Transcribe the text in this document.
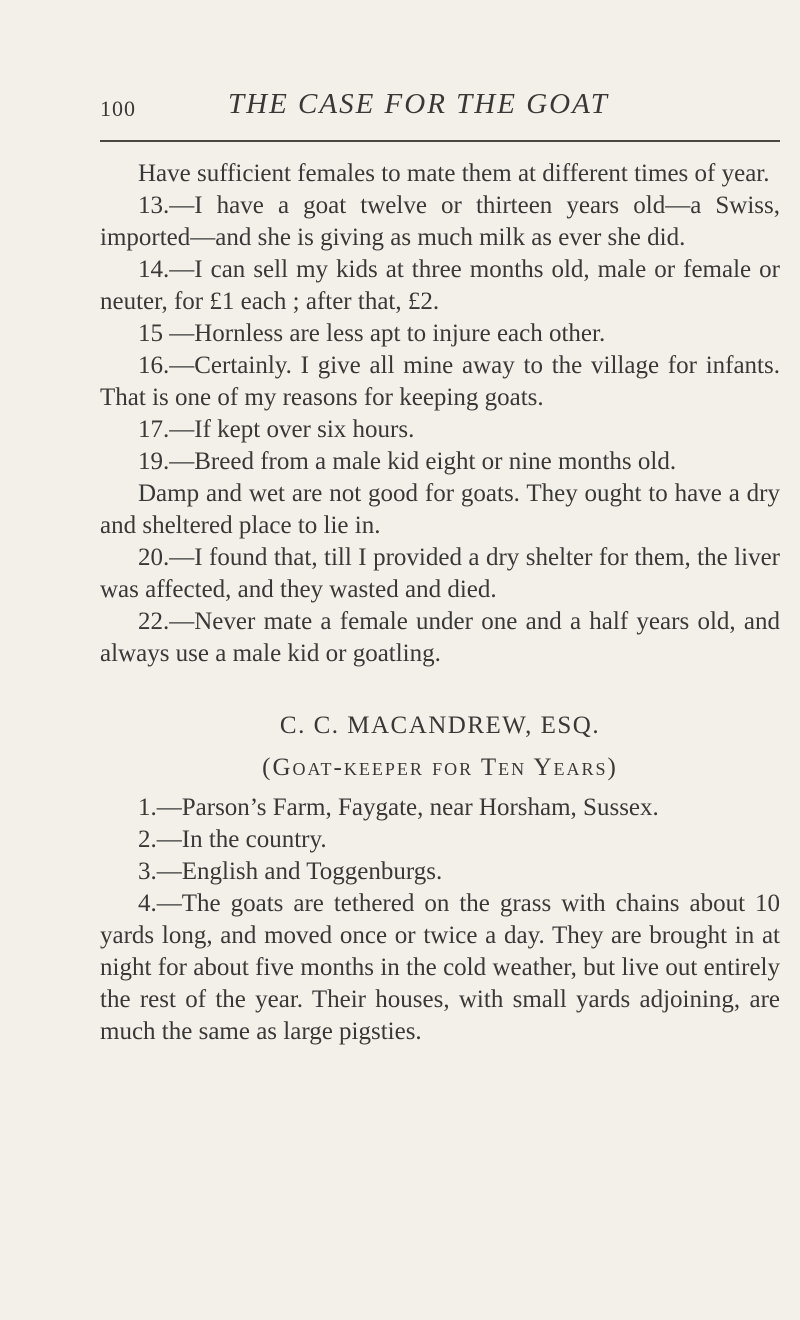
100	THE CASE FOR THE GOAT

Have sufficient females to mate them at different times of year.

13.—I have a goat twelve or thirteen years old—a Swiss, imported—and she is giving as much milk as ever she did.

14.—I can sell my kids at three months old, male or female or neuter, for £1 each ; after that, £2.

15 —Hornless are less apt to injure each other.

16.—Certainly. I give all mine away to the village for infants. That is one of my reasons for keeping goats.

17.—If kept over six hours.

19.—Breed from a male kid eight or nine months old.

Damp and wet are not good for goats. They ought to have a dry and sheltered place to lie in.

20.—I found that, till I provided a dry shelter for them, the liver was affected, and they wasted and died.

22.—Never mate a female under one and a half years old, and always use a male kid or goatling.

C. C. MACANDREW, ESQ.

(Goat-keeper for Ten Years)

1.—Parson’s Farm, Faygate, near Horsham, Sussex.

2.—In the country.

3.—English and Toggenburgs.

4.—The goats are tethered on the grass with chains about 10 yards long, and moved once or twice a day. They are brought in at night for about five months in the cold weather, but live out entirely the rest of the year. Their houses, with small yards adjoining, are much the same as large pigsties.
